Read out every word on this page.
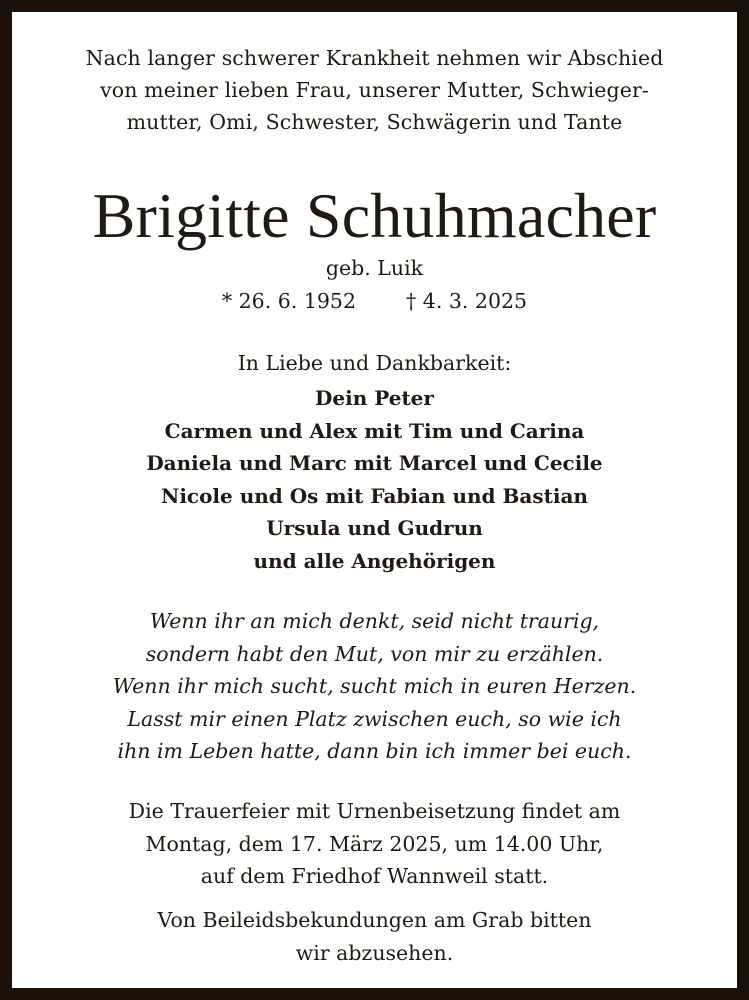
Nach langer schwerer Krankheit nehmen wir Abschied
von meiner lieben Frau, unserer Mutter, Schwieger-
mutter, Omi, Schwester, Schwägerin und Tante
Brigitte Schuhmacher
geb. Luik
* 26. 6. 1952 † 4. 3. 2025
In Liebe und Dankbarkeit:
Dein Peter
Carmen und Alex mit Tim und Carina
Daniela und Marc mit Marcel und Cecile
Nicole und Os mit Fabian und Bastian
Ursula und Gudrun
und alle Angehörigen
Wenn ihr an mich denkt, seid nicht traurig,
sondern habt den Mut, von mir zu erzählen.
Wenn ihr mich sucht, sucht mich in euren Herzen.
Lasst mir einen Platz zwischen euch, so wie ich
ihn im Leben hatte, dann bin ich immer bei euch.
Die Trauerfeier mit Urnenbeisetzung findet am
Montag, dem 17. März 2025, um 14.00 Uhr,
auf dem Friedhof Wannweil statt.
Von Beileidsbekundungen am Grab bitten
wir abzusehen.
